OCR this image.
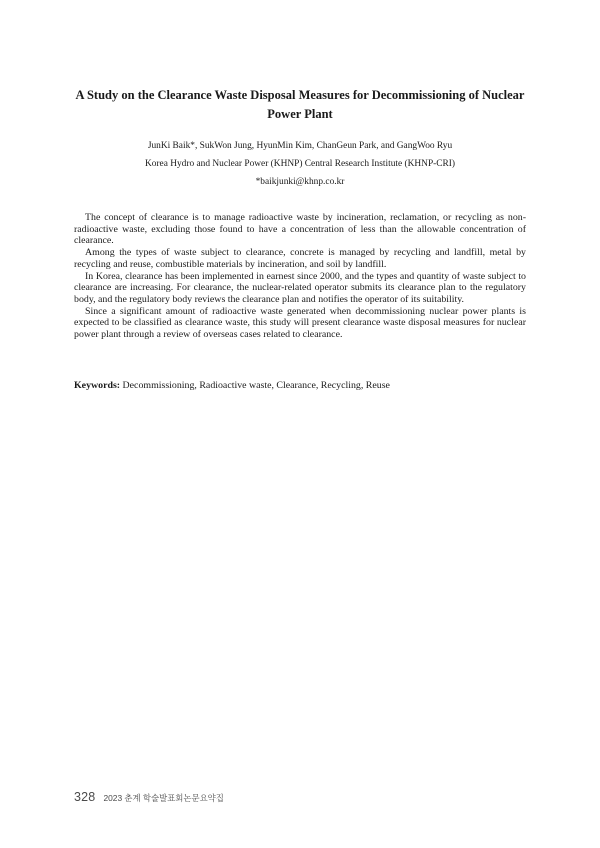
A Study on the Clearance Waste Disposal Measures for Decommissioning of Nuclear Power Plant
JunKi Baik*, SukWon Jung, HyunMin Kim, ChanGeun Park, and GangWoo Ryu
Korea Hydro and Nuclear Power (KHNP) Central Research Institute (KHNP-CRI)
*baikjunki@khnp.co.kr

The concept of clearance is to manage radioactive waste by incineration, reclamation, or recycling as non-radioactive waste, excluding those found to have a concentration of less than the allowable concentration of clearance.

Among the types of waste subject to clearance, concrete is managed by recycling and landfill, metal by recycling and reuse, combustible materials by incineration, and soil by landfill.

In Korea, clearance has been implemented in earnest since 2000, and the types and quantity of waste subject to clearance are increasing. For clearance, the nuclear-related operator submits its clearance plan to the regulatory body, and the regulatory body reviews the clearance plan and notifies the operator of its suitability.

Since a significant amount of radioactive waste generated when decommissioning nuclear power plants is expected to be classified as clearance waste, this study will present clearance waste disposal measures for nuclear power plant through a review of overseas cases related to clearance.

Keywords: Decommissioning, Radioactive waste, Clearance, Recycling, Reuse
328 2023 춘계 학술발표회논문요약집
